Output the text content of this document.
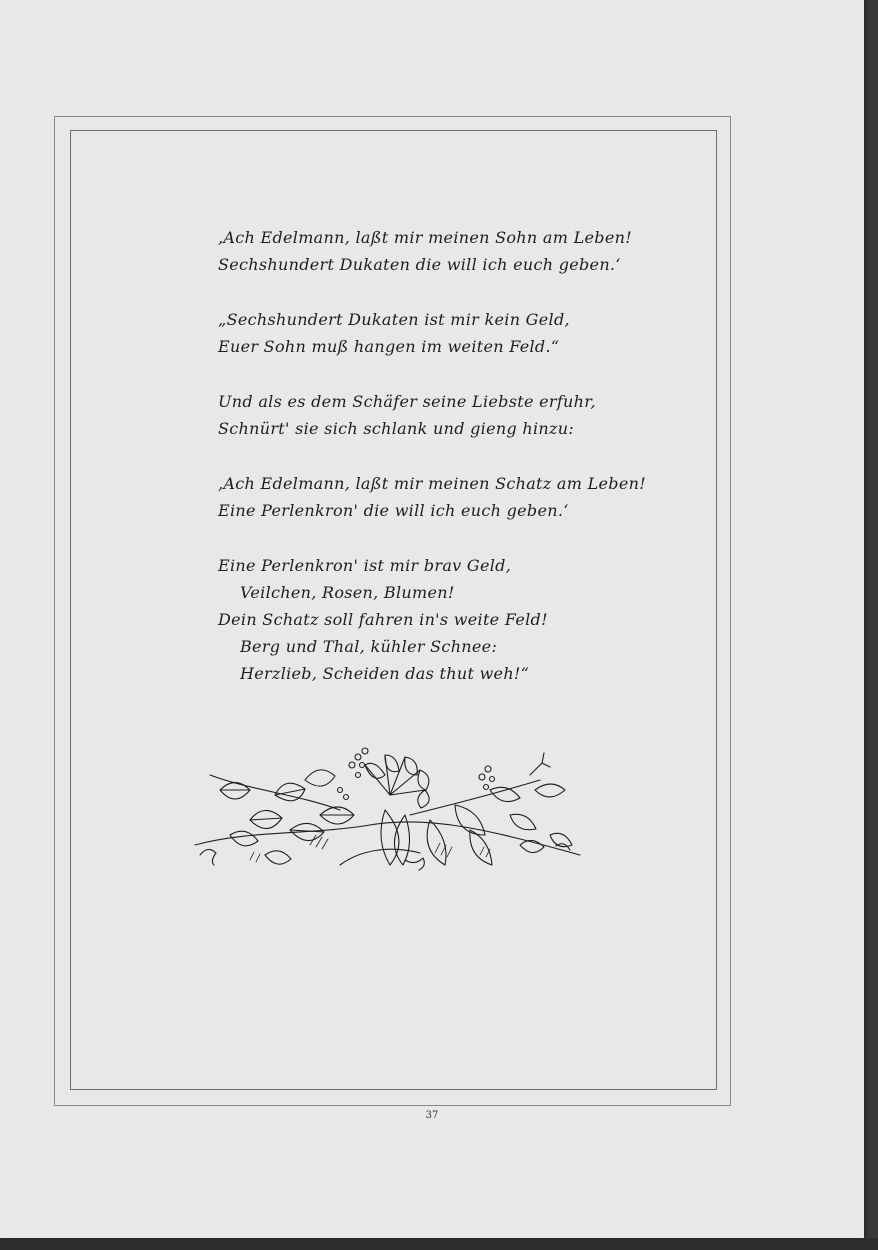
‚Ach Edelmann, laßt mir meinen Sohn am Leben!
Sechshundert Dukaten die will ich euch geben.‘
„Sechshundert Dukaten ist mir kein Geld,
Euer Sohn muß hangen im weiten Feld.“
Und als es dem Schäfer seine Liebste erfuhr,
Schnürt' sie sich schlank und gieng hinzu:
‚Ach Edelmann, laßt mir meinen Schatz am Leben!
Eine Perlenkron' die will ich euch geben.‘
Eine Perlenkron' ist mir brav Geld,
Veilchen, Rosen, Blumen!
Dein Schatz soll fahren in's weite Feld!
Berg und Thal, kühler Schnee:
Herzlieb, Scheiden das thut weh!“
37
